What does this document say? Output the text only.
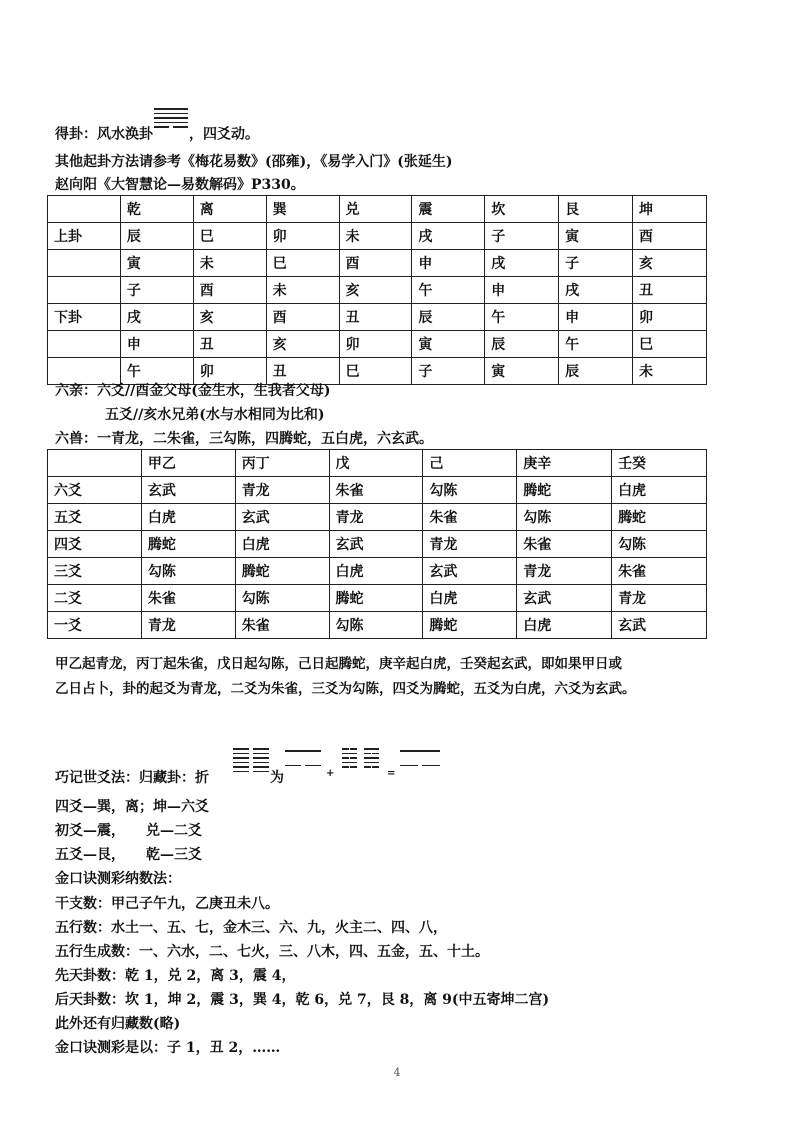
得卦：风水涣卦	，四爻动。
其他起卦方法请参考《梅花易数》(邵雍)，《易学入门》(张延生)
赵向阳《大智慧论—易数解码》P330。
	乾	离	巽	兑	震	坎	艮	坤
上卦	辰	巳	卯	未	戌	子	寅	酉
	寅	未	巳	酉	申	戌	子	亥
	子	酉	未	亥	午	申	戌	丑
下卦	戌	亥	酉	丑	辰	午	申	卯
	申	丑	亥	卯	寅	辰	午	巳
	午	卯	丑	巳	子	寅	辰	未
六亲：六爻//酉金父母(金生水，生我者父母)
五爻//亥水兄弟(水与水相同为比和)
六兽：一青龙，二朱雀，三勾陈，四腾蛇，五白虎，六玄武。
	甲乙	丙丁	戊	己	庚辛	壬癸
六爻	玄武	青龙	朱雀	勾陈	腾蛇	白虎
五爻	白虎	玄武	青龙	朱雀	勾陈	腾蛇
四爻	腾蛇	白虎	玄武	青龙	朱雀	勾陈
三爻	勾陈	腾蛇	白虎	玄武	青龙	朱雀
二爻	朱雀	勾陈	腾蛇	白虎	玄武	青龙
一爻	青龙	朱雀	勾陈	腾蛇	白虎	玄武
甲乙起青龙，丙丁起朱雀，戊日起勾陈，己日起腾蛇，庚辛起白虎，壬癸起玄武，即如果甲日或
乙日占卜，卦的起爻为青龙，二爻为朱雀，三爻为勾陈，四爻为腾蛇，五爻为白虎，六爻为玄武。
巧记世爻法：归藏卦：折	为	+	=
四爻—巽，离；坤—六爻
初爻—震，　　兑—二爻
五爻—艮，　　乾—三爻
金口诀测彩纳数法：
干支数：甲己子午九，乙庚丑未八。
五行数：水土一、五、七，金木三、六、九，火主二、四、八，
五行生成数：一、六水，二、七火，三、八木，四、五金，五、十土。
先天卦数：乾 1，兑 2，离 3，震 4，
后天卦数：坎 1，坤 2，震 3，巽 4，乾 6，兑 7，艮 8，离 9(中五寄坤二宫)
此外还有归藏数(略)
金口诀测彩是以：子 1，丑 2，……
4
